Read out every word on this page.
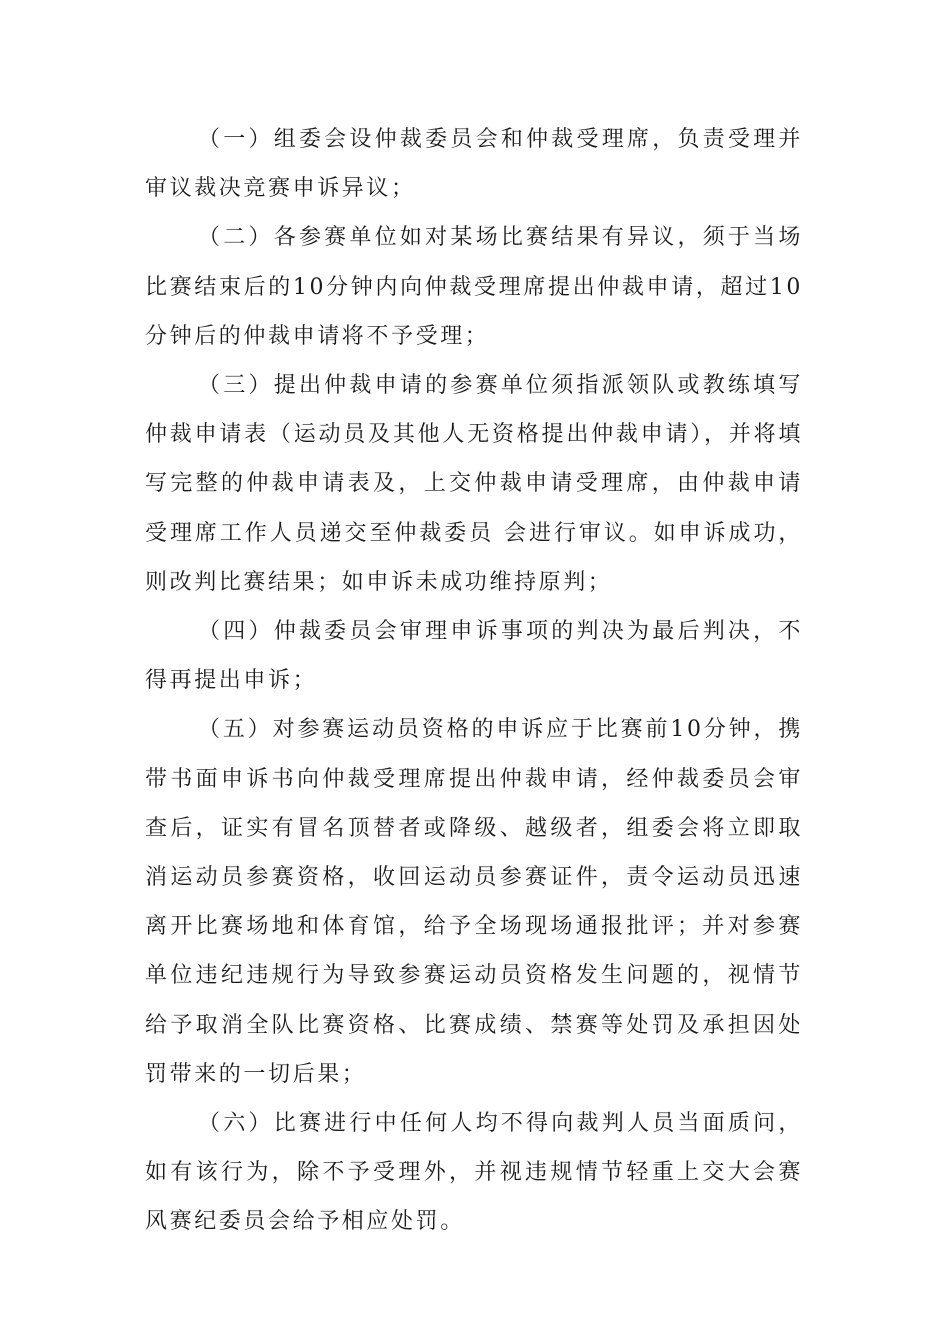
（一）组委会设仲裁委员会和仲裁受理席，负责受理并审议裁决竞赛申诉异议；

（二）各参赛单位如对某场比赛结果有异议，须于当场比赛结束后的10分钟内向仲裁受理席提出仲裁申请，超过10分钟后的仲裁申请将不予受理；

（三）提出仲裁申请的参赛单位须指派领队或教练填写仲裁申请表（运动员及其他人无资格提出仲裁申请），并将填写完整的仲裁申请表及，上交仲裁申请受理席，由仲裁申请受理席工作人员递交至仲裁委员 会进行审议。如申诉成功，则改判比赛结果；如申诉未成功维持原判；

（四）仲裁委员会审理申诉事项的判决为最后判决，不得再提出申诉；

（五）对参赛运动员资格的申诉应于比赛前10分钟，携带书面申诉书向仲裁受理席提出仲裁申请，经仲裁委员会审查后，证实有冒名顶替者或降级、越级者，组委会将立即取消运动员参赛资格，收回运动员参赛证件，责令运动员迅速离开比赛场地和体育馆，给予全场现场通报批评；并对参赛单位违纪违规行为导致参赛运动员资格发生问题的，视情节给予取消全队比赛资格、比赛成绩、禁赛等处罚及承担因处罚带来的一切后果；

（六）比赛进行中任何人均不得向裁判人员当面质问，如有该行为，除不予受理外，并视违规情节轻重上交大会赛风赛纪委员会给予相应处罚。
